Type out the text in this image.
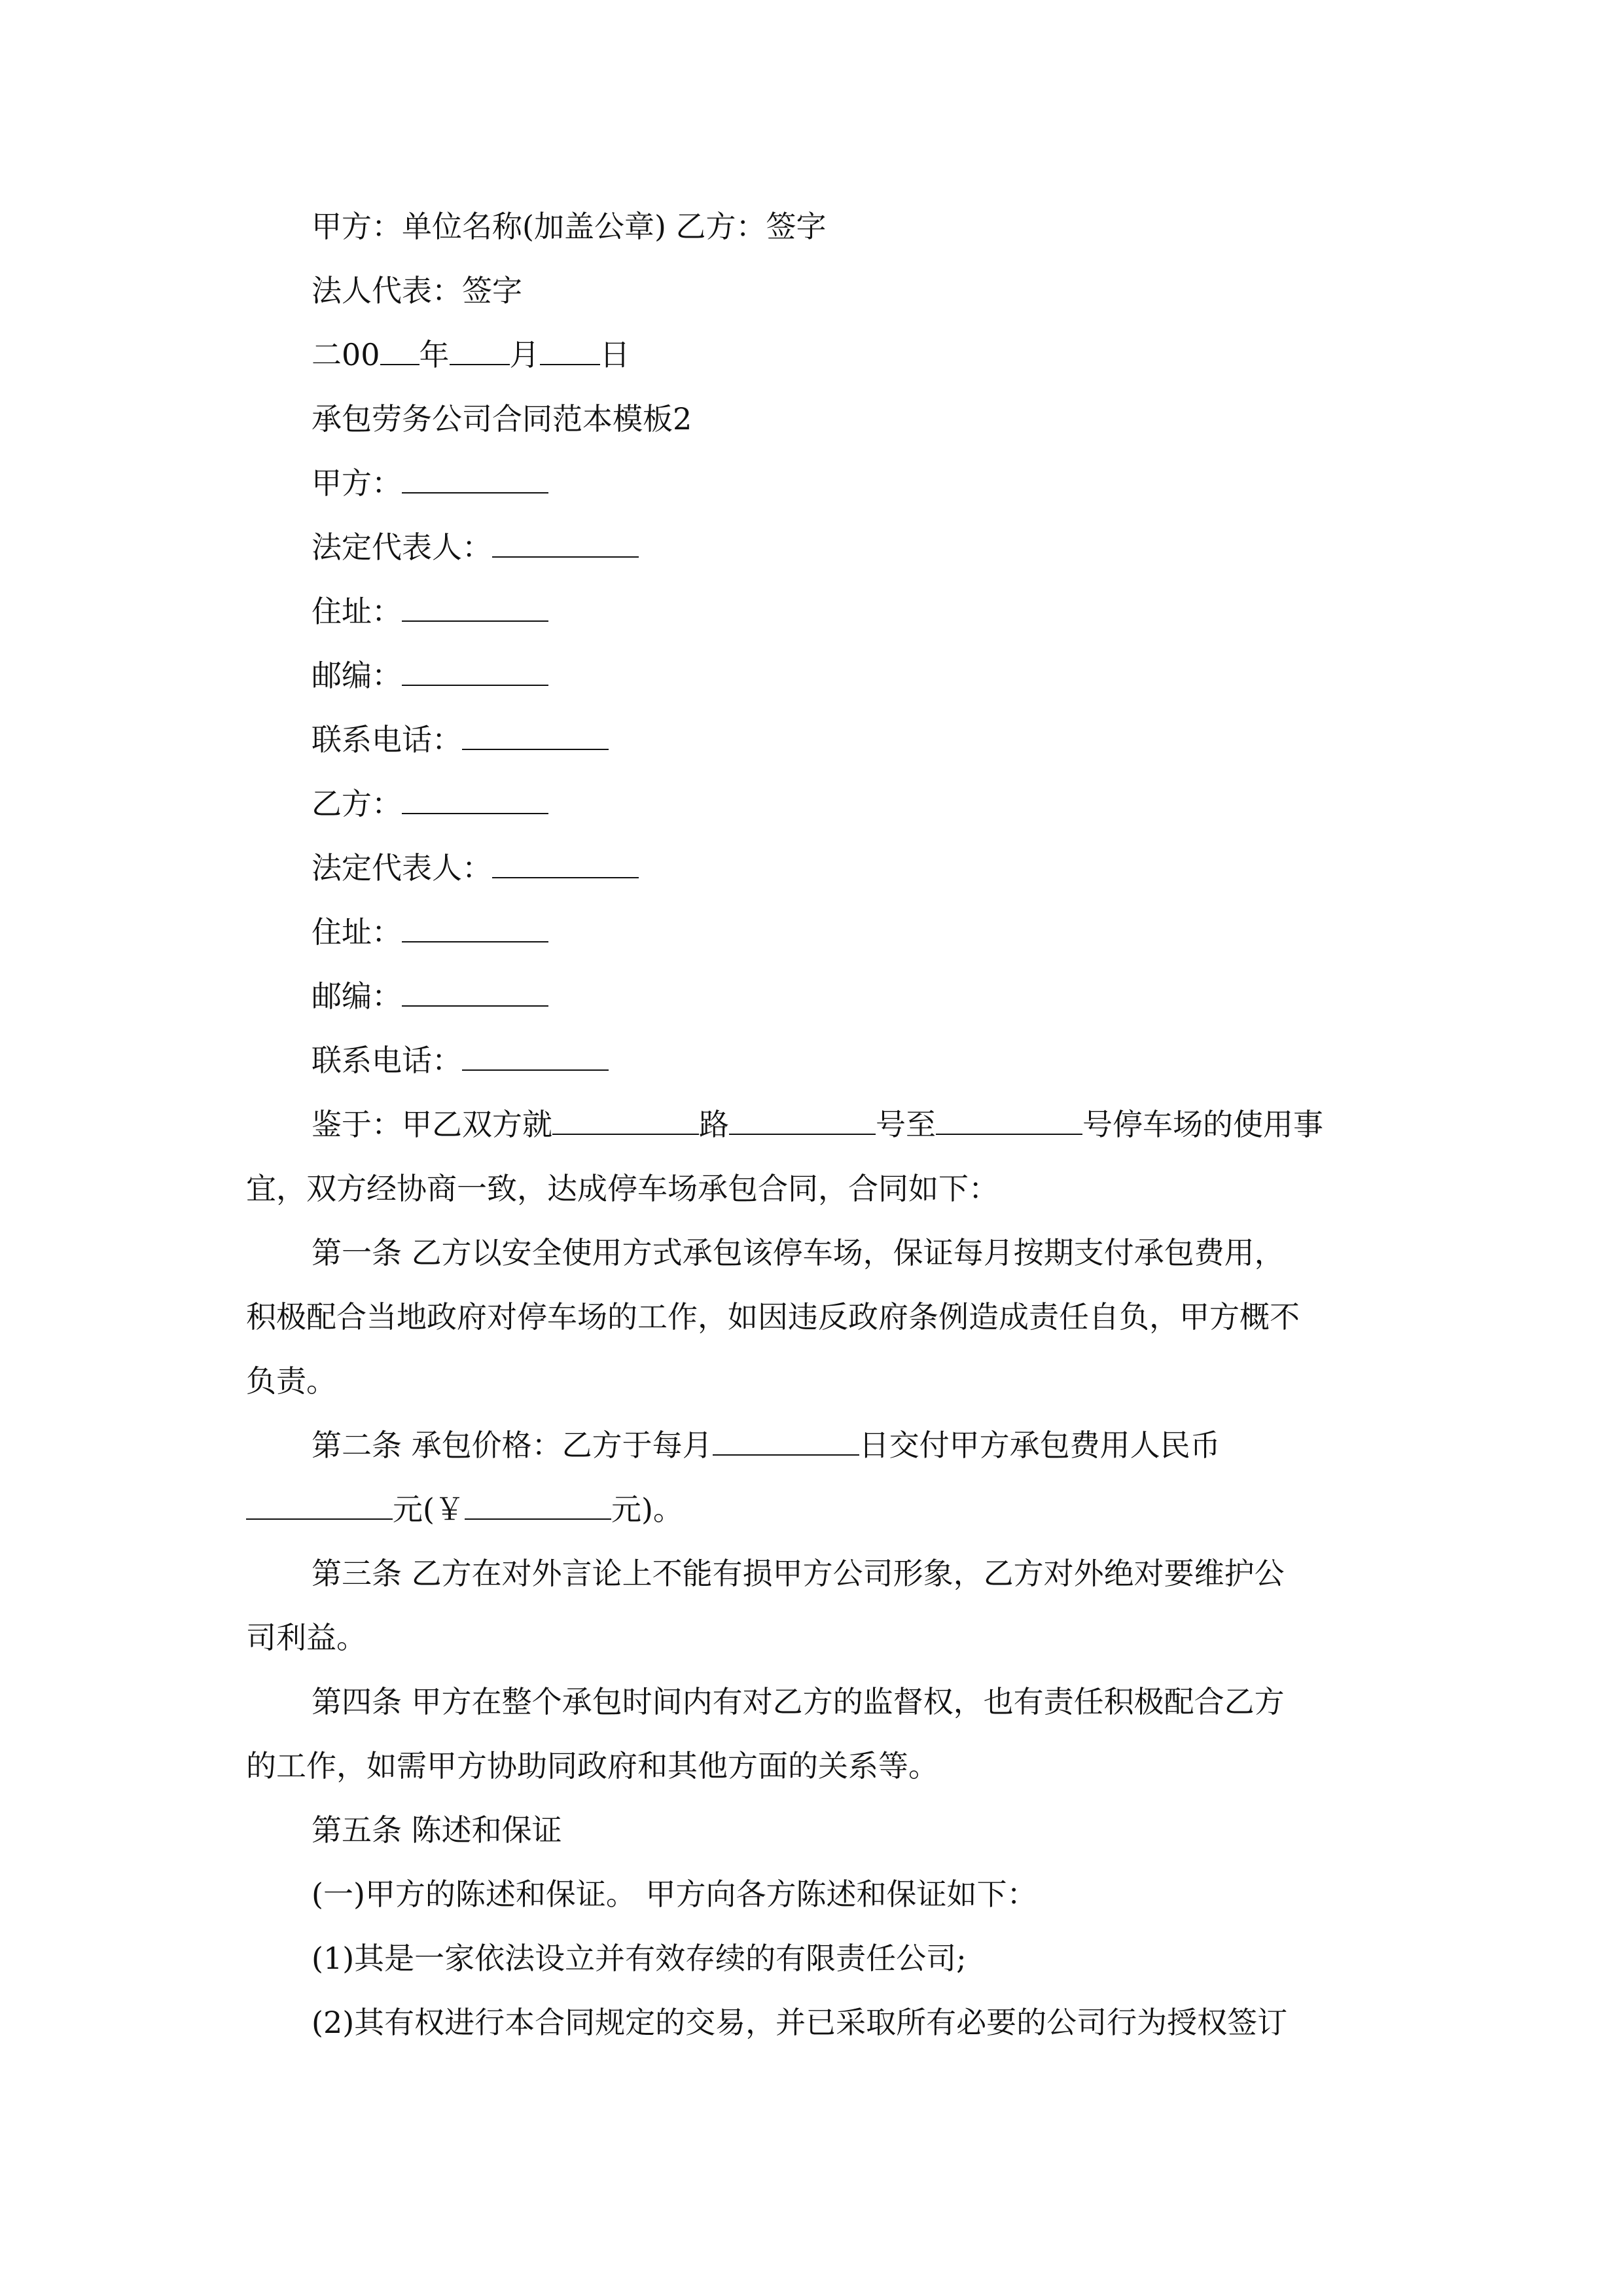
甲方：单位名称(加盖公章) 乙方：签字
法人代表：签字
二00 年 月 日
承包劳务公司合同范本模板2
甲方：
法定代表人：
住址：
邮编：
联系电话：
乙方：
法定代表人：
住址：
邮编：
联系电话：
鉴于：甲乙双方就	路	号至	号停车场的使用事
宜，双方经协商一致，达成停车场承包合同，合同如下：
第一条 乙方以安全使用方式承包该停车场，保证每月按期支付承包费用，
积极配合当地政府对停车场的工作，如因违反政府条例造成责任自负，甲方概不
负责。
第二条 承包价格：乙方于每月	日交付甲方承包费用人民币
元(￥	元)。
第三条 乙方在对外言论上不能有损甲方公司形象，乙方对外绝对要维护公
司利益。
第四条 甲方在整个承包时间内有对乙方的监督权，也有责任积极配合乙方
的工作，如需甲方协助同政府和其他方面的关系等。
第五条 陈述和保证
(一)甲方的陈述和保证。 甲方向各方陈述和保证如下：
(1)其是一家依法设立并有效存续的有限责任公司;
(2)其有权进行本合同规定的交易，并已采取所有必要的公司行为授权签订
